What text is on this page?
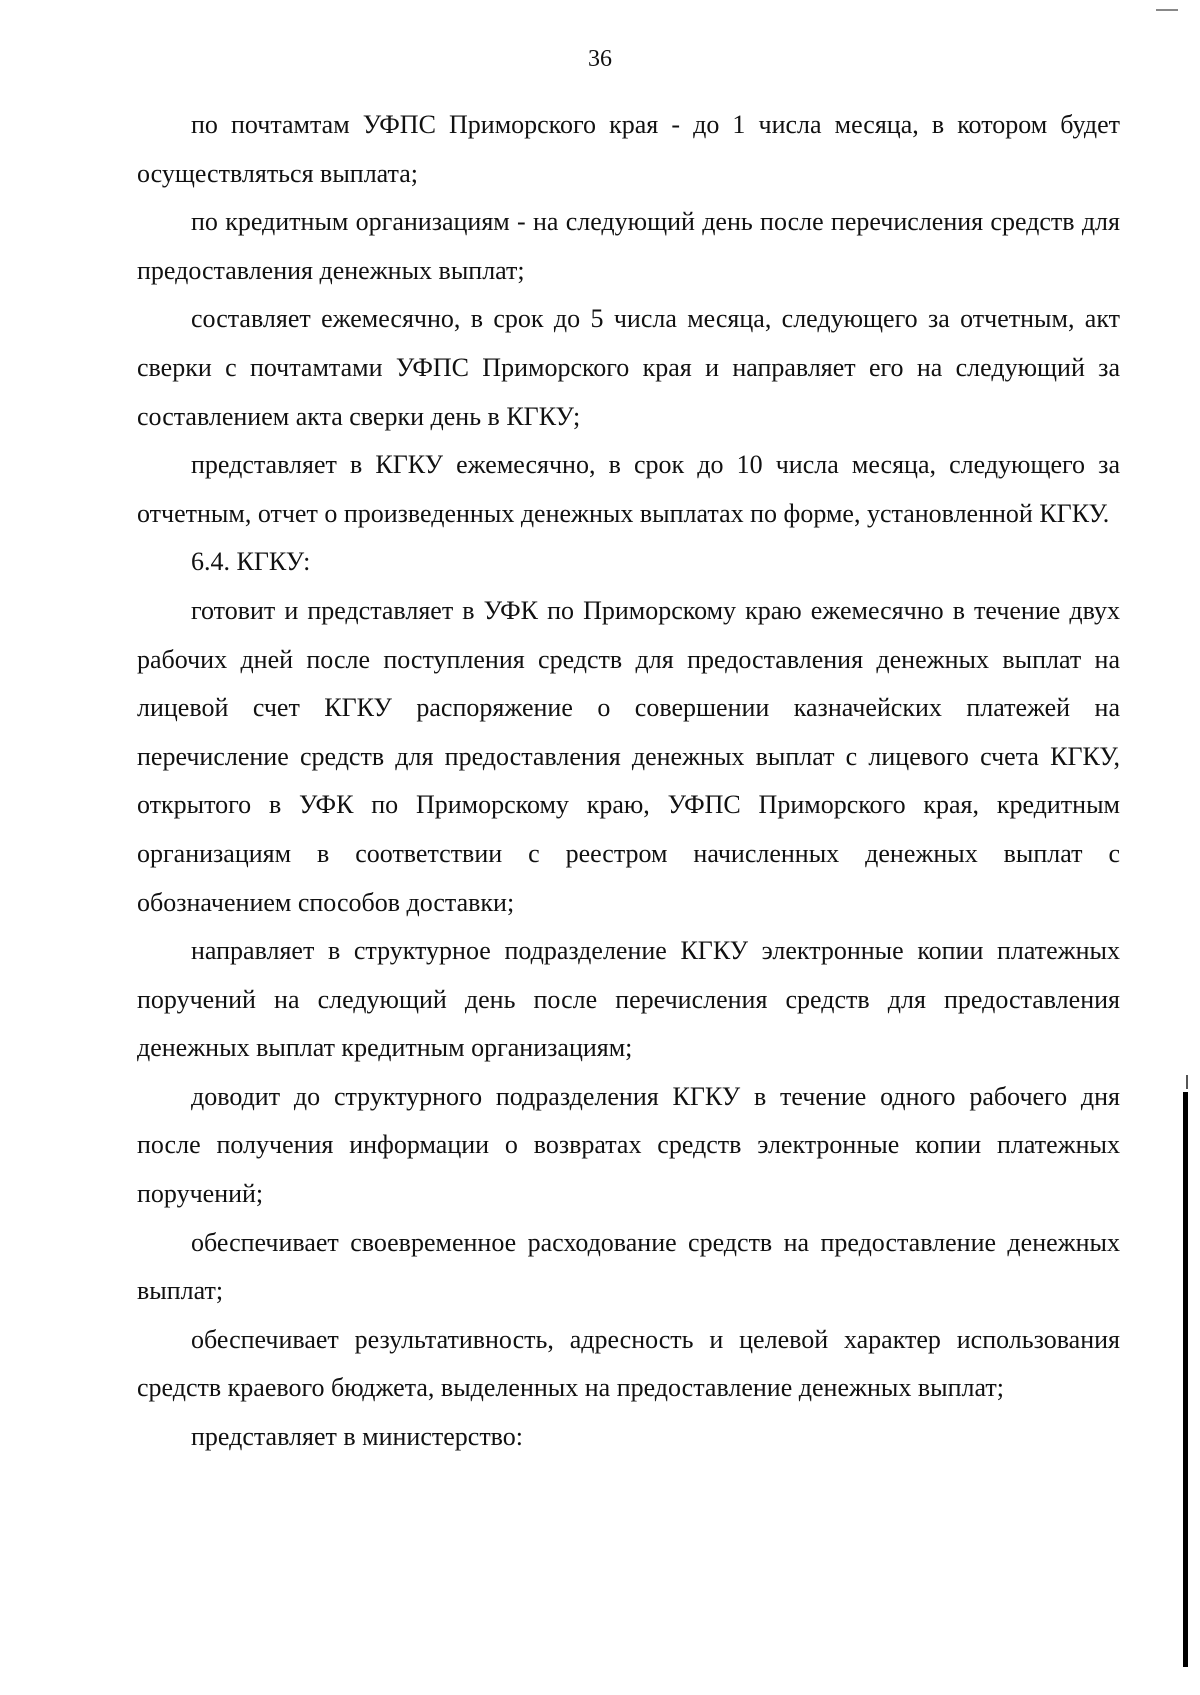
36

по почтамтам УФПС Приморского края - до 1 числа месяца, в котором будет осуществляться выплата;

по кредитным организациям - на следующий день после перечисления средств для предоставления денежных выплат;

составляет ежемесячно, в срок до 5 числа месяца, следующего за отчетным, акт сверки с почтамтами УФПС Приморского края и направляет его на следующий за составлением акта сверки день в КГКУ;

представляет в КГКУ ежемесячно, в срок до 10 числа месяца, следующего за отчетным, отчет о произведенных денежных выплатах по форме, установленной КГКУ.

6.4. КГКУ:

готовит и представляет в УФК по Приморскому краю ежемесячно в течение двух рабочих дней после поступления средств для предоставления денежных выплат на лицевой счет КГКУ распоряжение о совершении казначейских платежей на перечисление средств для предоставления денежных выплат с лицевого счета КГКУ, открытого в УФК по Приморскому краю, УФПС Приморского края, кредитным организациям в соответствии с реестром начисленных денежных выплат с обозначением способов доставки;

направляет в структурное подразделение КГКУ электронные копии платежных поручений на следующий день после перечисления средств для предоставления денежных выплат кредитным организациям;

доводит до структурного подразделения КГКУ в течение одного рабочего дня после получения информации о возвратах средств электронные копии платежных поручений;

обеспечивает своевременное расходование средств на предоставление денежных выплат;

обеспечивает результативность, адресность и целевой характер использования средств краевого бюджета, выделенных на предоставление денежных выплат;

представляет в министерство:
